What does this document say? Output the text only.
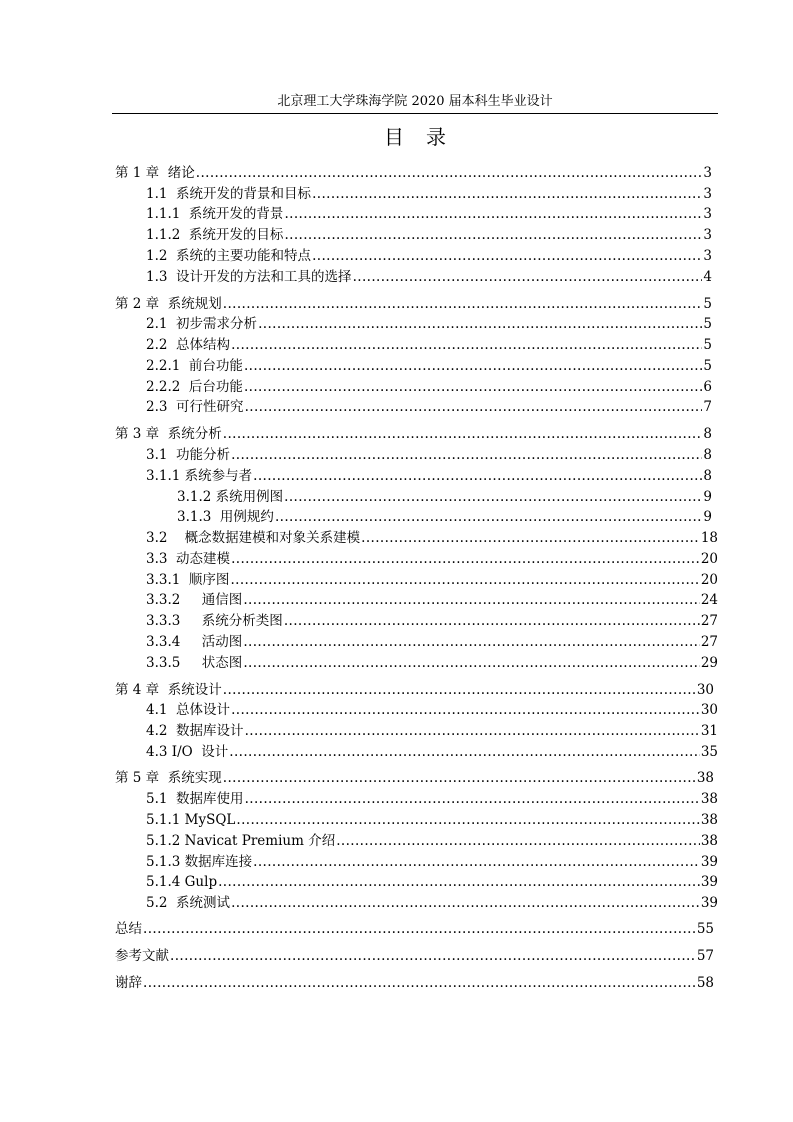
北京理工大学珠海学院 2020 届本科生毕业设计
目录
第 1 章  绪论 .....	3
1.1  系统开发的背景和目标 .....	3
1.1.1  系统开发的背景 .....	3
1.1.2  系统开发的目标 .....	3
1.2  系统的主要功能和特点 .....	3
1.3  设计开发的方法和工具的选择 .....	4
第 2 章  系统规划 .....	5
2.1  初步需求分析 .....	5
2.2  总体结构 .....	5
2.2.1  前台功能 .....	5
2.2.2  后台功能 .....	6
2.3  可行性研究 .....	7
第 3 章  系统分析 .....	8
3.1  功能分析 .....	8
3.1.1 系统参与者 .....	8
3.1.2 系统用例图 .....	9
3.1.3  用例规约 .....	9
3.2    概念数据建模和对象关系建模 .....	18
3.3  动态建模 .....	20
3.3.1  顺序图 .....	20
3.3.2     通信图 .....	24
3.3.3     系统分析类图 .....	27
3.3.4     活动图 .....	27
3.3.5     状态图 .....	29
第 4 章  系统设计 .....	30
4.1  总体设计 .....	30
4.2  数据库设计 .....	31
4.3 I/O  设计 .....	35
第 5 章  系统实现 .....	38
5.1  数据库使用 .....	38
5.1.1 MySQL .....	38
5.1.2 Navicat Premium 介绍 .....	38
5.1.3 数据库连接 .....	39
5.1.4 Gulp .....	39
5.2  系统测试 .....	39
总结 .....	55
参考文献 .....	57
谢辞 .....	58
